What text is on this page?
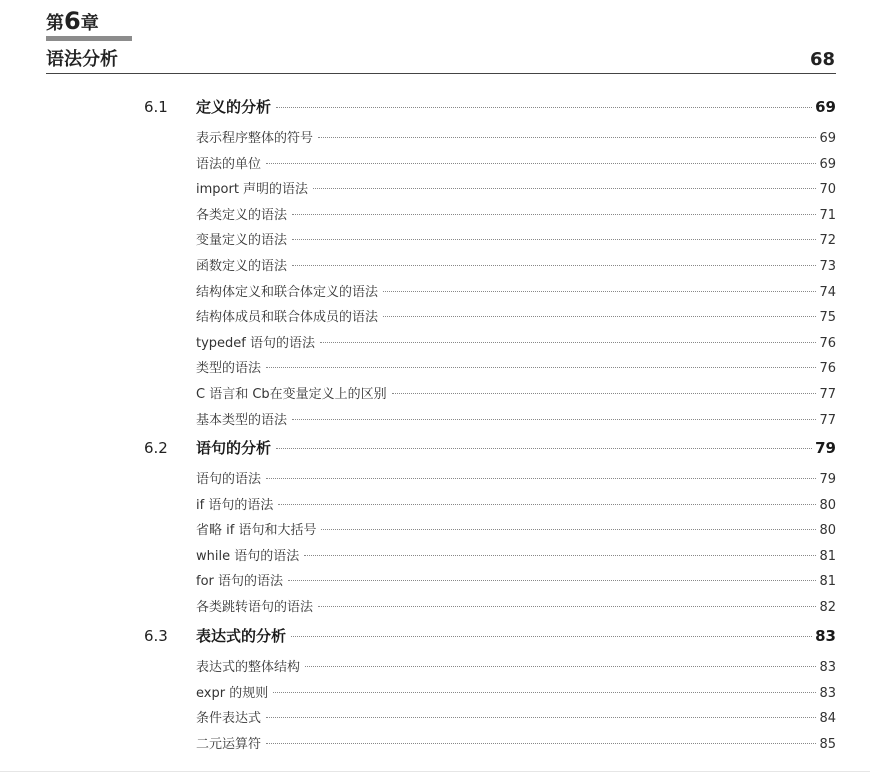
第6章
语法分析	68
6.1 定义的分析	69
表示程序整体的符号	69
语法的单位	69
import 声明的语法	70
各类定义的语法	71
变量定义的语法	72
函数定义的语法	73
结构体定义和联合体定义的语法	74
结构体成员和联合体成员的语法	75
typedef 语句的语法	76
类型的语法	76
C 语言和 Cb在变量定义上的区别	77
基本类型的语法	77
6.2 语句的分析	79
语句的语法	79
if 语句的语法	80
省略 if 语句和大括号	80
while 语句的语法	81
for 语句的语法	81
各类跳转语句的语法	82
6.3 表达式的分析	83
表达式的整体结构	83
expr 的规则	83
条件表达式	84
二元运算符	85
